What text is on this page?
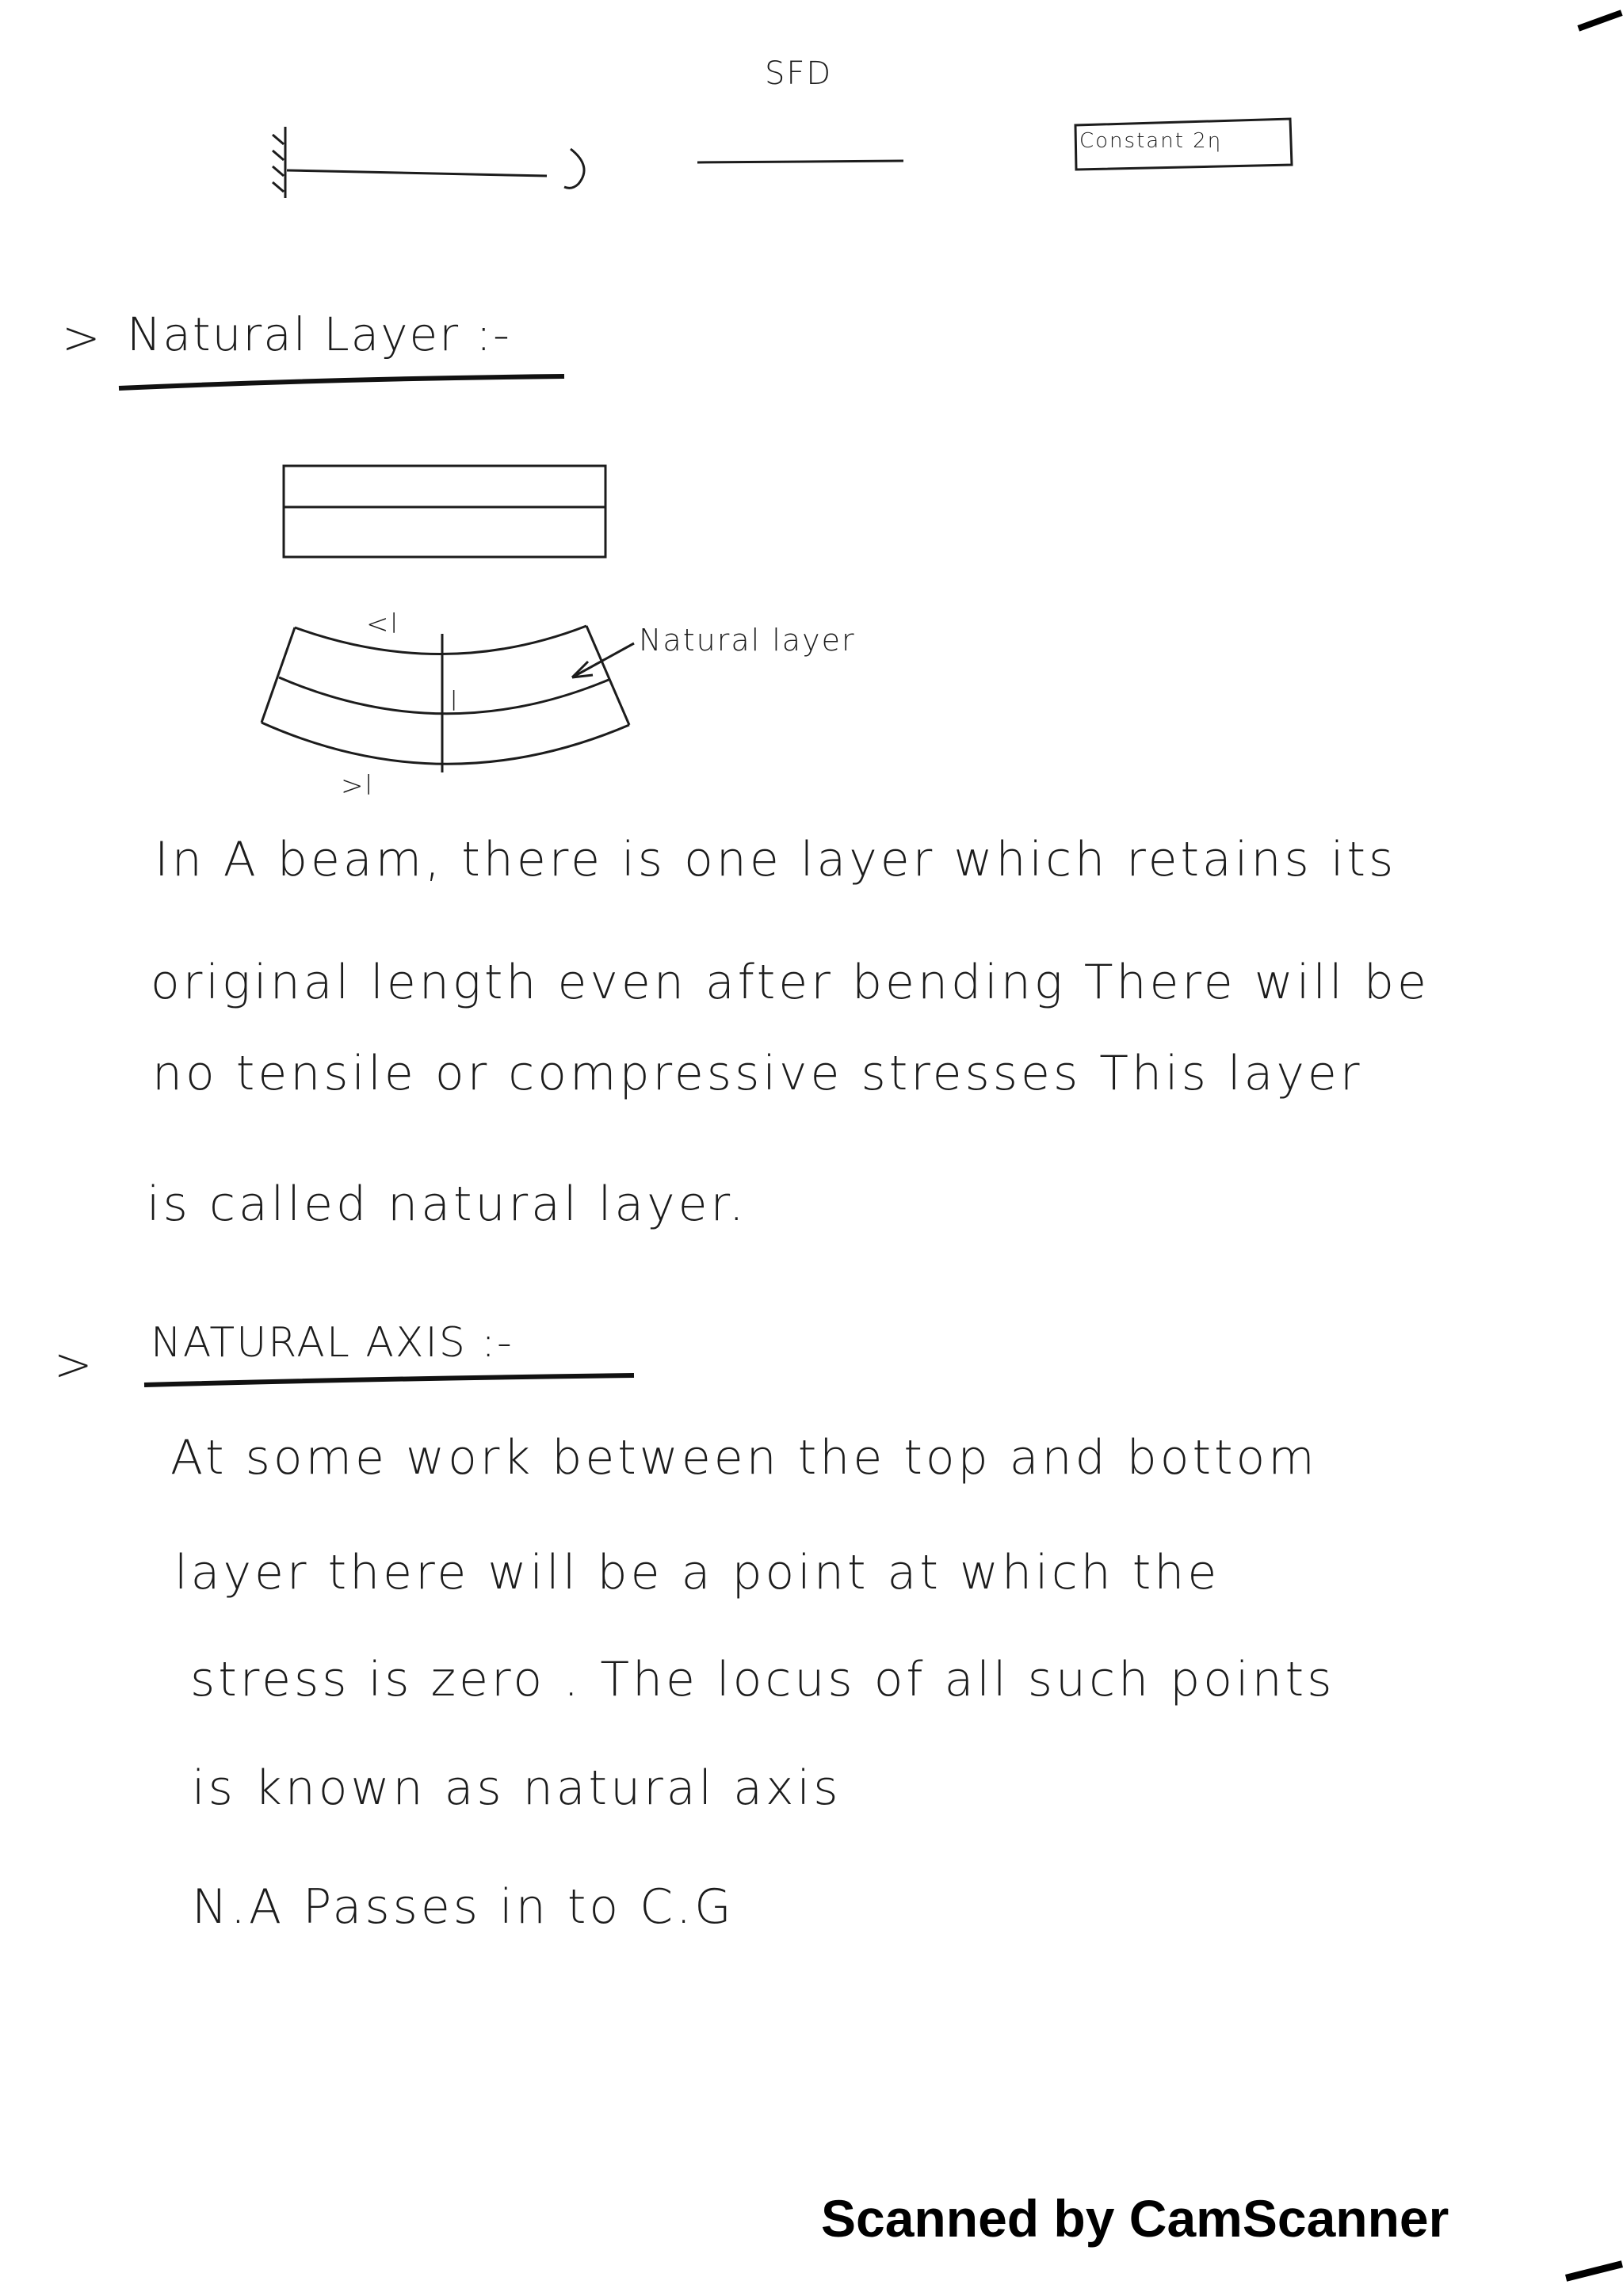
SFD
Constant 2η
> Natural Layer :-
<l
l
>l
Natural layer
In A beam, there is one layer which retains its
original length even after bending There will be
no tensile or compressive stresses This layer
is called natural layer.
> NATURAL AXIS :-
At some work between the top and bottom
layer there will be a point at which the
stress is zero . The locus of all such points
is known as natural axis
N.A Passes in to C.G
Scanned by CamScanner
